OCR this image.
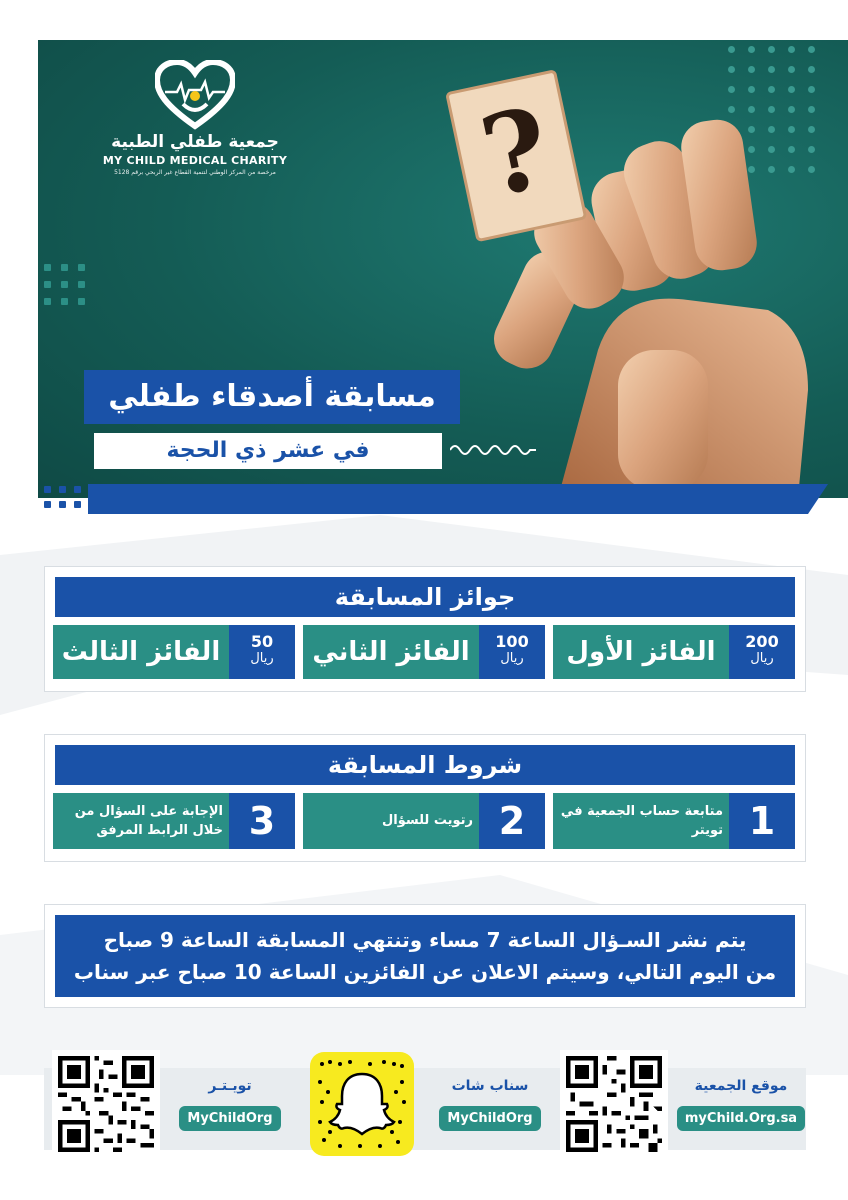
جمعية طفلي الطبية
MY CHILD MEDICAL CHARITY
مرخصة من المركز الوطني لتنمية القطاع غير الربحي برقم 5128 ?
مسابقة أصدقاء طفلي
في عشر ذي الحجة
جوائز المسابقة
200
ريال
الفائز الأول
100
ريال
الفائز الثاني
50
ريال
الفائز الثالث
شروط المسابقة
1
متابعة حساب الجمعية في تويتر
2
رتويت للسؤال
3
الإجابة على السؤال من خلال الرابط المرفق
يتم نشر السـؤال الساعة 7 مساء وتنتهي المسابقة الساعة 9 صباح
من اليوم التالي، وسيتم الاعلان عن الفائزين الساعة 10 صباح عبر سناب
تويـتـر
MyChildOrg
سناب شات
MyChildOrg
موقع الجمعية
myChild.Org.sa
